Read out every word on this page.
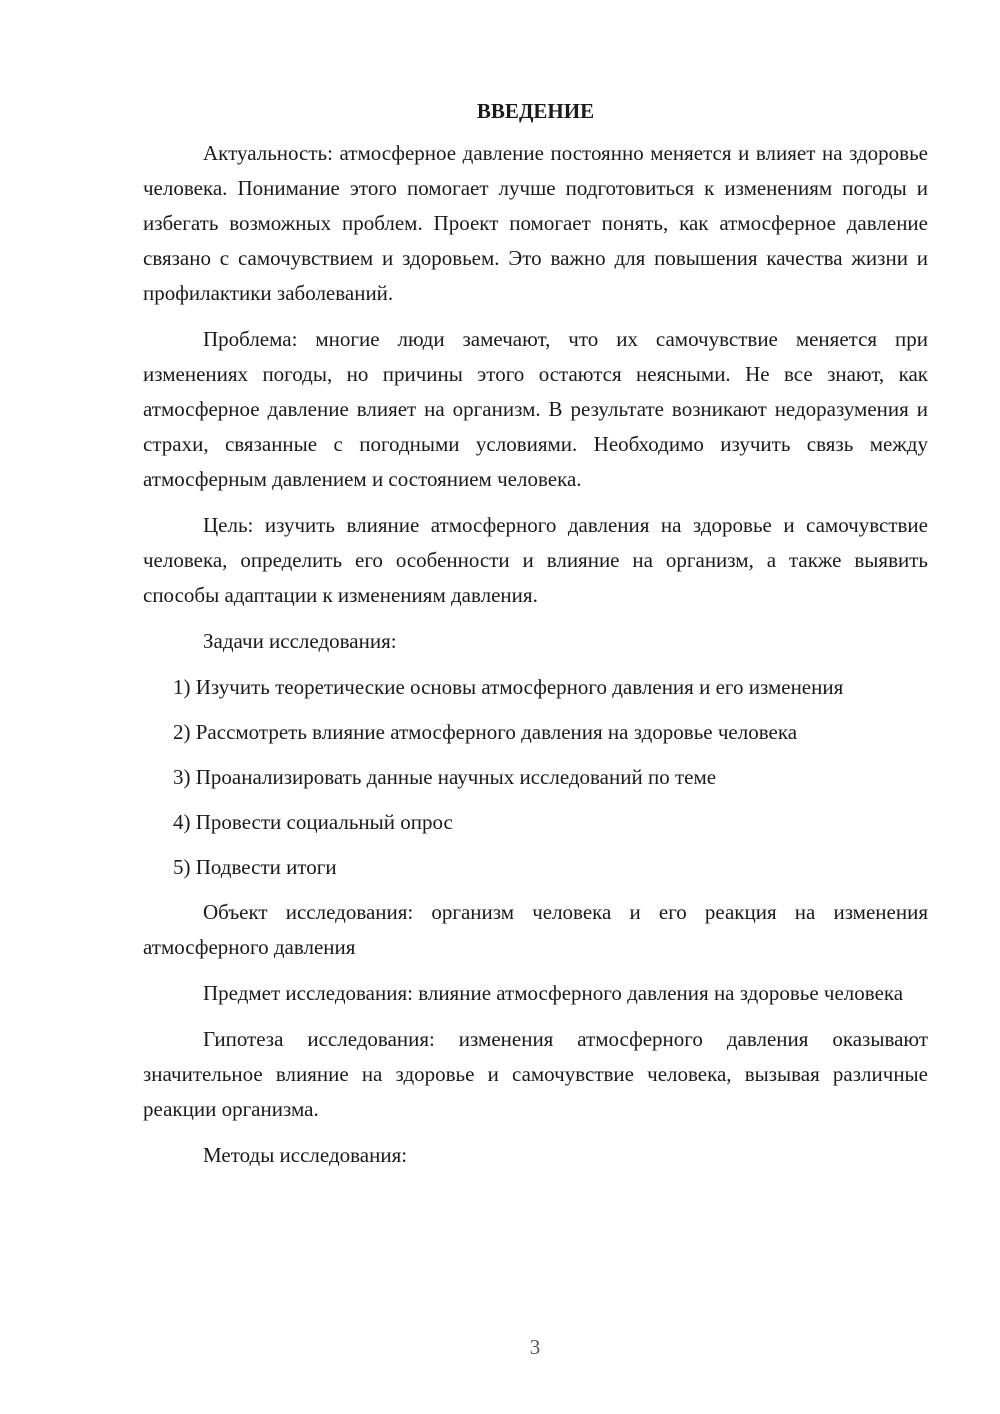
ВВЕДЕНИЕ

Актуальность: атмосферное давление постоянно меняется и влияет на здоровье человека. Понимание этого помогает лучше подготовиться к изменениям погоды и избегать возможных проблем. Проект помогает понять, как атмосферное давление связано с самочувствием и здоровьем. Это важно для повышения качества жизни и профилактики заболеваний.

Проблема: многие люди замечают, что их самочувствие меняется при изменениях погоды, но причины этого остаются неясными. Не все знают, как атмосферное давление влияет на организм. В результате возникают недоразумения и страхи, связанные с погодными условиями. Необходимо изучить связь между атмосферным давлением и состоянием человека.

Цель: изучить влияние атмосферного давления на здоровье и самочувствие человека, определить его особенности и влияние на организм, а также выявить способы адаптации к изменениям давления.

Задачи исследования:

1) Изучить теоретические основы атмосферного давления и его изменения

2) Рассмотреть влияние атмосферного давления на здоровье человека

3) Проанализировать данные научных исследований по теме

4) Провести социальный опрос

5) Подвести итоги

Объект исследования: организм человека и его реакция на изменения атмосферного давления

Предмет исследования: влияние атмосферного давления на здоровье человека

Гипотеза исследования: изменения атмосферного давления оказывают значительное влияние на здоровье и самочувствие человека, вызывая различные реакции организма.

Методы исследования:

3
